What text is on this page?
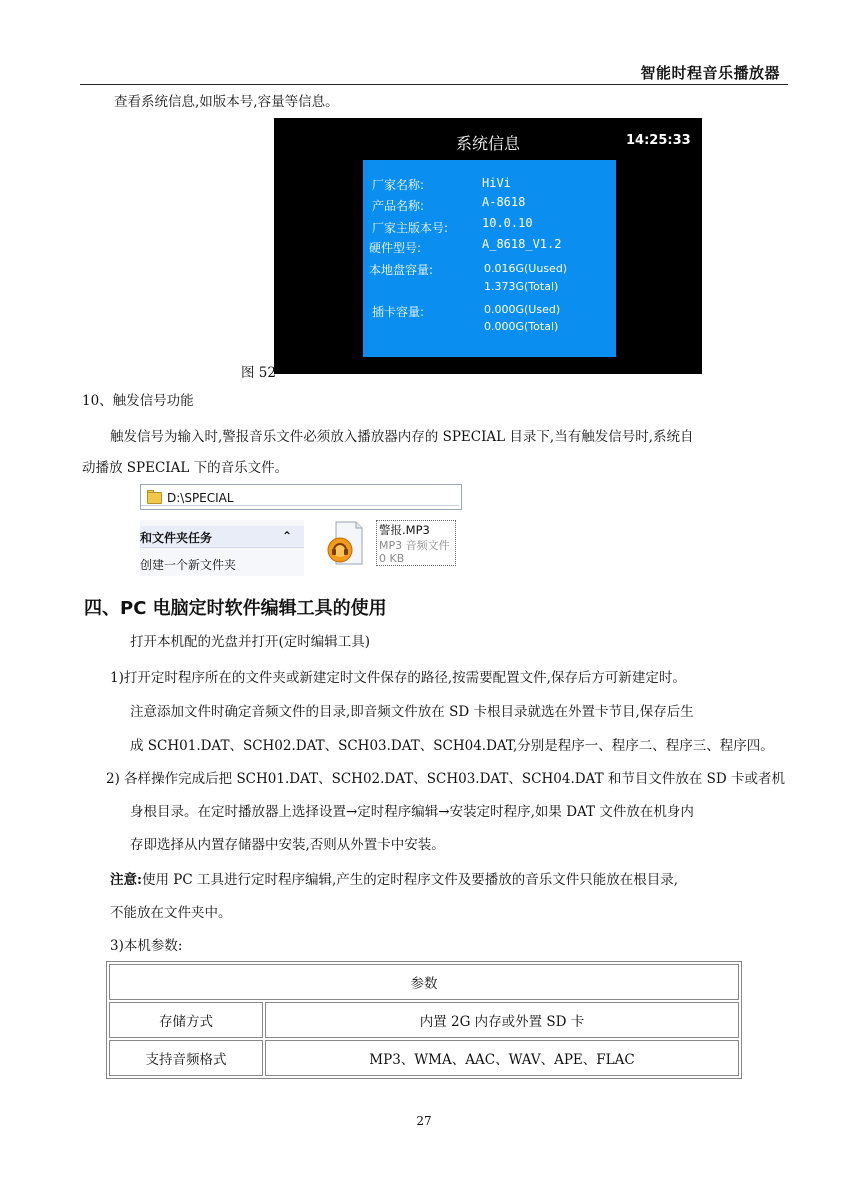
智能时程音乐播放器
查看系统信息,如版本号,容量等信息。
系统信息	14:25:33
厂家名称:	HiVi
产品名称:	A-8618
厂家主版本号:	10.0.10
硬件型号:	A_8618_V1.2
本地盘容量:	0.016G(Uused)
1.373G(Total)
插卡容量:	0.000G(Used)
0.000G(Total)
图 52
10、触发信号功能
触发信号为输入时,警报音乐文件必须放入播放器内存的 SPECIAL 目录下,当有触发信号时,系统自
动播放 SPECIAL 下的音乐文件。
D:\SPECIAL
和文件夹任务	⌃
创建一个新文件夹
警报.MP3
MP3 音频文件
0 KB
四、PC 电脑定时软件编辑工具的使用
打开本机配的光盘并打开(定时编辑工具)
1)打开定时程序所在的文件夹或新建定时文件保存的路径,按需要配置文件,保存后方可新建定时。
注意添加文件时确定音频文件的目录,即音频文件放在 SD 卡根目录就选在外置卡节目,保存后生
成 SCH01.DAT、SCH02.DAT、SCH03.DAT、SCH04.DAT,分别是程序一、程序二、程序三、程序四。
2) 各样操作完成后把 SCH01.DAT、SCH02.DAT、SCH03.DAT、SCH04.DAT 和节目文件放在 SD 卡或者机
身根目录。在定时播放器上选择设置→定时程序编辑→安装定时程序,如果 DAT 文件放在机身内
存即选择从内置存储器中安装,否则从外置卡中安装。
注意:使用 PC 工具进行定时程序编辑,产生的定时程序文件及要播放的音乐文件只能放在根目录,
不能放在文件夹中。
3)本机参数:
参数	
存储方式	内置 2G 内存或外置 SD 卡
支持音频格式	MP3、WMA、AAC、WAV、APE、FLAC
27
